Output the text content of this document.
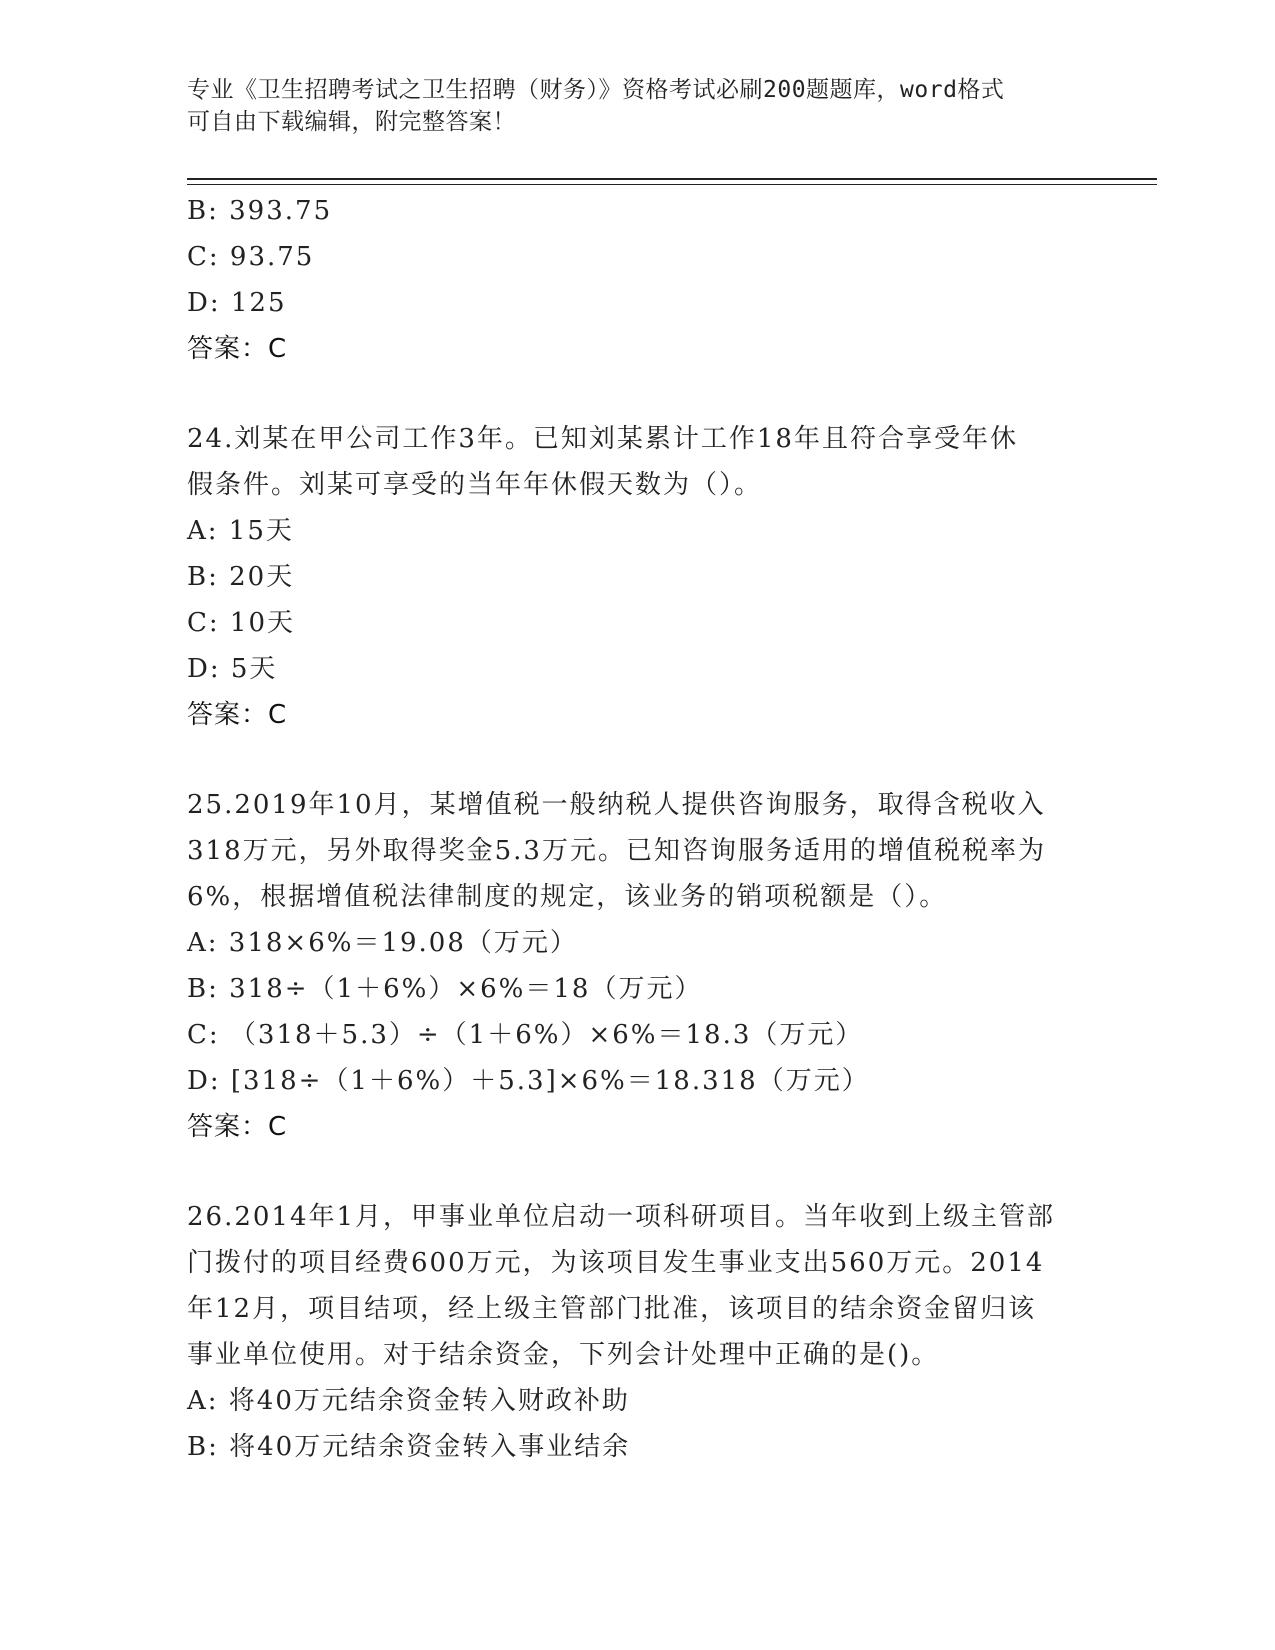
专业《卫生招聘考试之卫生招聘（财务）》资格考试必刷200题题库，word格式
可自由下载编辑，附完整答案！
B: 393.75
C: 93.75
D: 125
答案：C
24.刘某在甲公司工作3年。已知刘某累计工作18年且符合享受年休
假条件。刘某可享受的当年年休假天数为（）。
A: 15天
B: 20天
C: 10天
D: 5天
答案：C
25.2019年10月，某增值税一般纳税人提供咨询服务，取得含税收入
318万元，另外取得奖金5.3万元。已知咨询服务适用的增值税税率为
6%，根据增值税法律制度的规定，该业务的销项税额是（）。
A: 318×6%＝19.08（万元）
B: 318÷（1＋6%）×6%＝18（万元）
C: （318＋5.3）÷（1＋6%）×6%＝18.3（万元）
D: [318÷（1＋6%）＋5.3]×6%＝18.318（万元）
答案：C
26.2014年1月，甲事业单位启动一项科研项目。当年收到上级主管部
门拨付的项目经费600万元，为该项目发生事业支出560万元。2014
年12月，项目结项，经上级主管部门批准，该项目的结余资金留归该
事业单位使用。对于结余资金，下列会计处理中正确的是()。
A: 将40万元结余资金转入财政补助
B: 将40万元结余资金转入事业结余
